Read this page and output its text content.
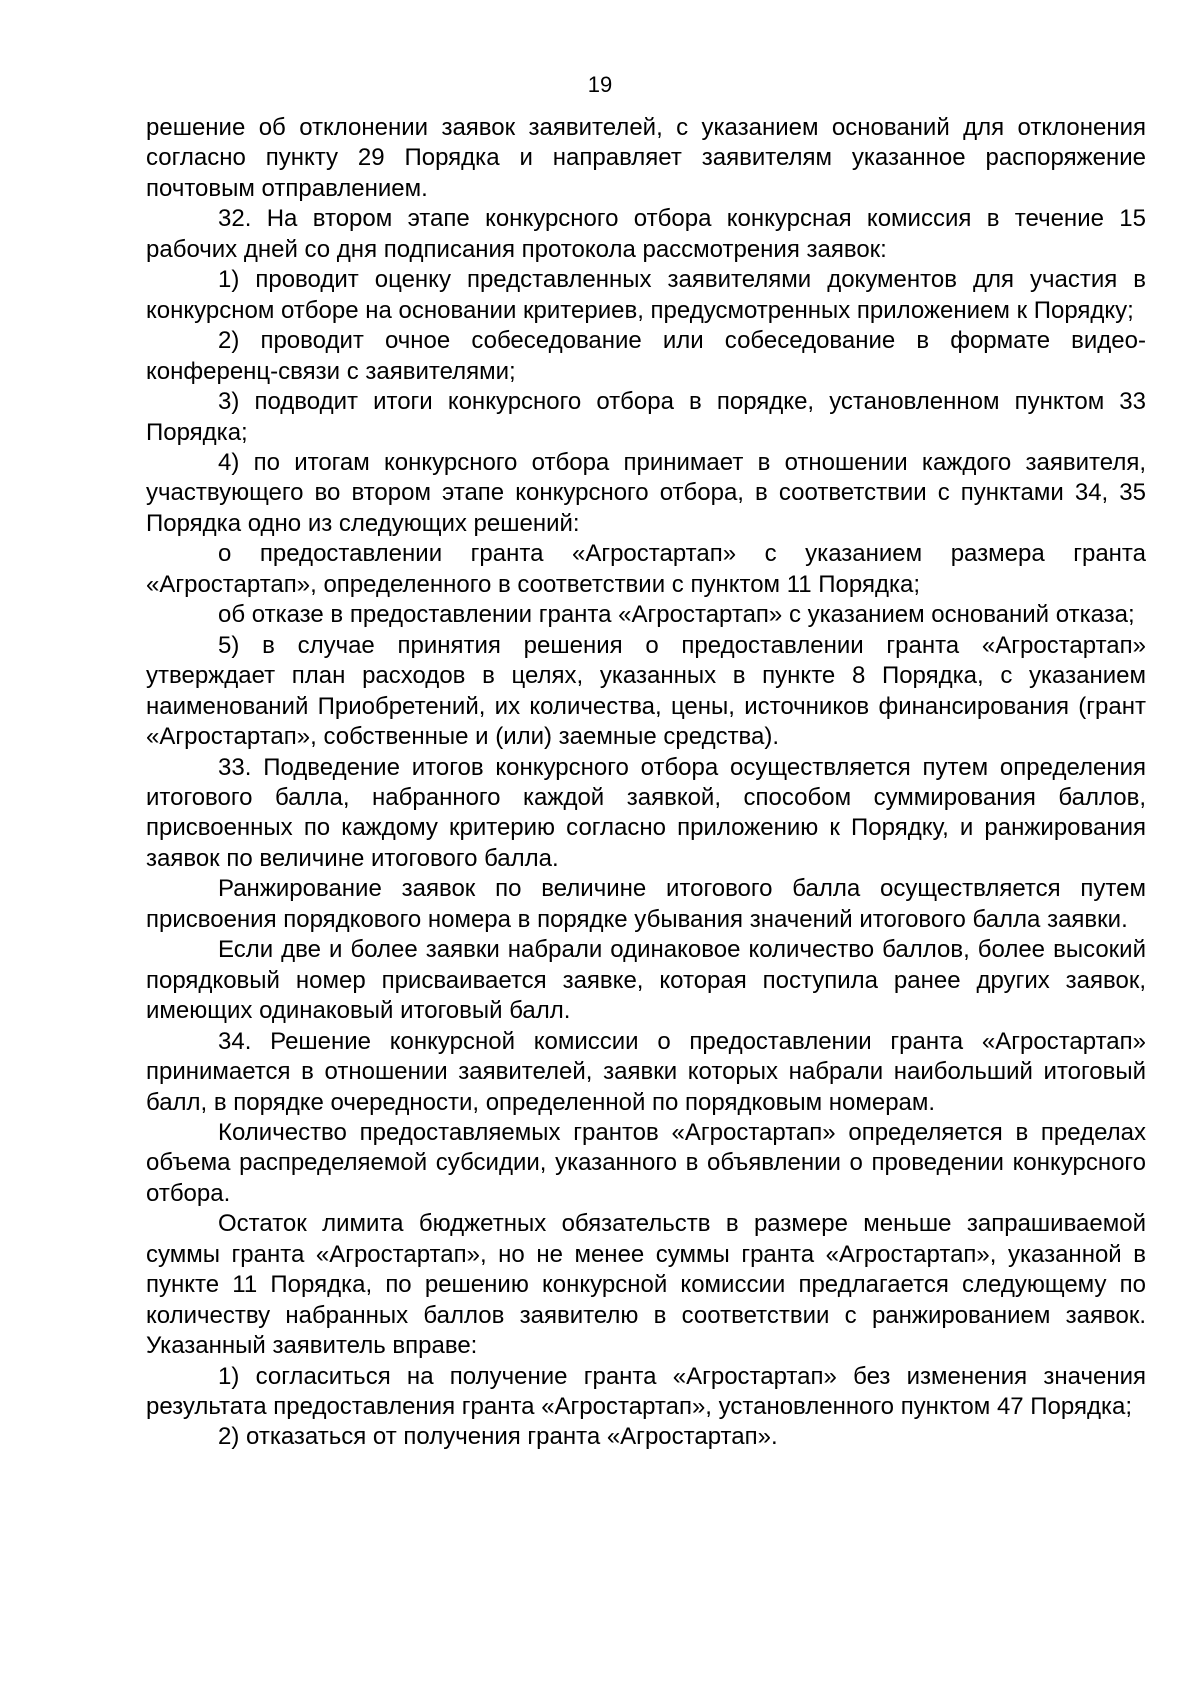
19

решение об отклонении заявок заявителей, с указанием оснований для отклонения согласно пункту 29 Порядка и направляет заявителям указанное распоряжение почтовым отправлением.

32. На втором этапе конкурсного отбора конкурсная комиссия в течение 15 рабочих дней со дня подписания протокола рассмотрения заявок:

1) проводит оценку представленных заявителями документов для участия в конкурсном отборе на основании критериев, предусмотренных приложением к Порядку;

2) проводит очное собеседование или собеседование в формате видео-конференц-связи с заявителями;

3) подводит итоги конкурсного отбора в порядке, установленном пунктом 33 Порядка;

4) по итогам конкурсного отбора принимает в отношении каждого заявителя, участвующего во втором этапе конкурсного отбора, в соответствии с пунктами 34, 35 Порядка одно из следующих решений:

о предоставлении гранта «Агростартап» с указанием размера гранта «Агростартап», определенного в соответствии с пунктом 11 Порядка;

об отказе в предоставлении гранта «Агростартап» с указанием оснований отказа;

5) в случае принятия решения о предоставлении гранта «Агростартап» утверждает план расходов в целях, указанных в пункте 8 Порядка, с указанием наименований Приобретений, их количества, цены, источников финансирования (грант «Агростартап», собственные и (или) заемные средства).

33. Подведение итогов конкурсного отбора осуществляется путем определения итогового балла, набранного каждой заявкой, способом суммирования баллов, присвоенных по каждому критерию согласно приложению к Порядку, и ранжирования заявок по величине итогового балла.

Ранжирование заявок по величине итогового балла осуществляется путем присвоения порядкового номера в порядке убывания значений итогового балла заявки.

Если две и более заявки набрали одинаковое количество баллов, более высокий порядковый номер присваивается заявке, которая поступила ранее других заявок, имеющих одинаковый итоговый балл.

34. Решение конкурсной комиссии о предоставлении гранта «Агростартап» принимается в отношении заявителей, заявки которых набрали наибольший итоговый балл, в порядке очередности, определенной по порядковым номерам.

Количество предоставляемых грантов «Агростартап» определяется в пределах объема распределяемой субсидии, указанного в объявлении о проведении конкурсного отбора.

Остаток лимита бюджетных обязательств в размере меньше запрашиваемой суммы гранта «Агростартап», но не менее суммы гранта «Агростартап», указанной в пункте 11 Порядка, по решению конкурсной комиссии предлагается следующему по количеству набранных баллов заявителю в соответствии с ранжированием заявок. Указанный заявитель вправе:

1) согласиться на получение гранта «Агростартап» без изменения значения результата предоставления гранта «Агростартап», установленного пунктом 47 Порядка;

2) отказаться от получения гранта «Агростартап».
